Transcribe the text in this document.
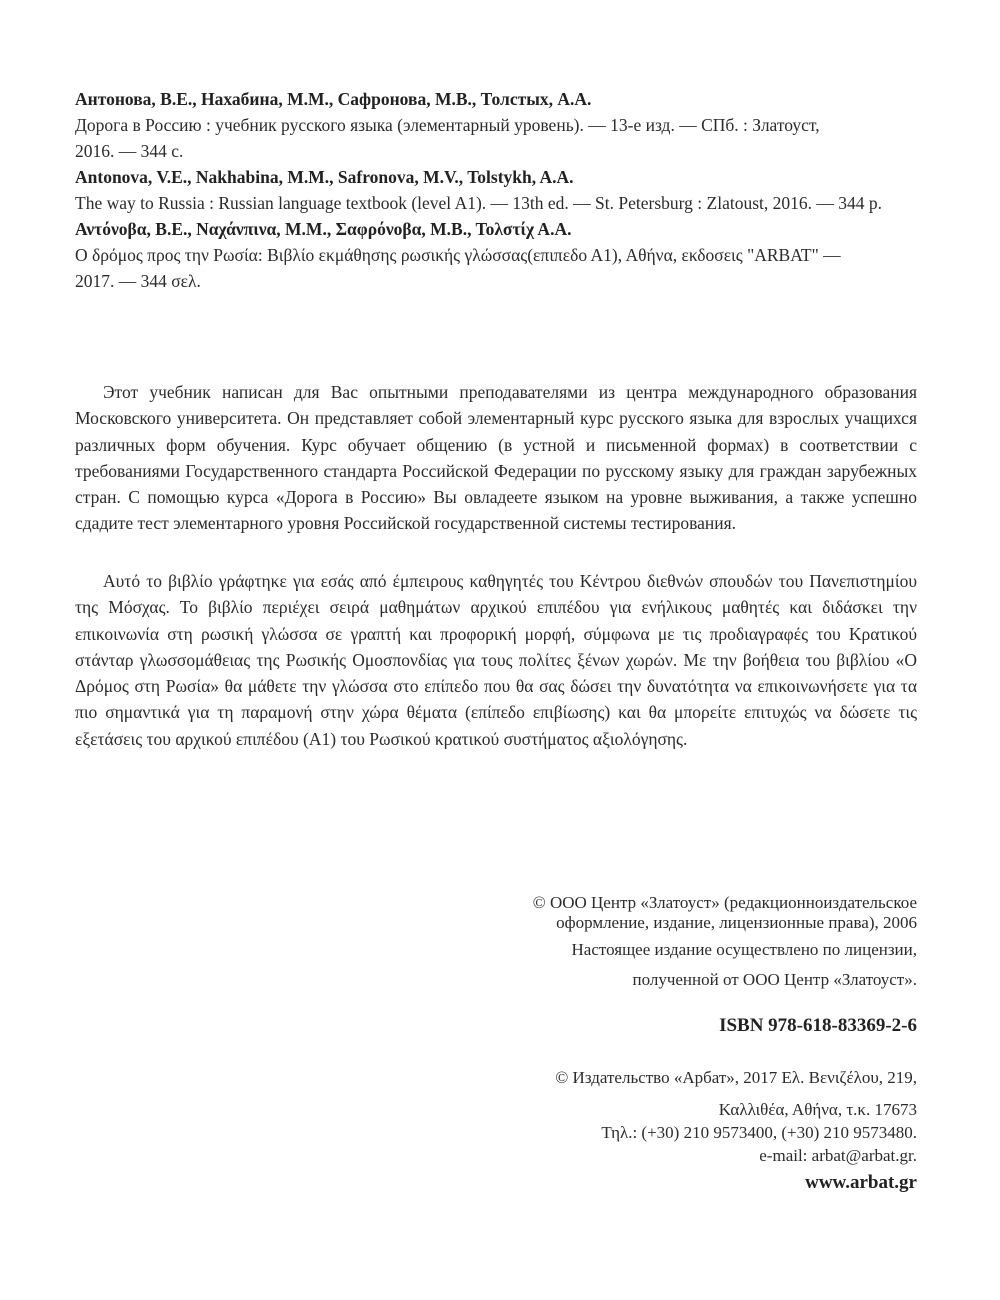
Антонова, В.Е., Нахабина, М.М., Сафронова, М.В., Толстых, А.А.

Дорога в Россию : учебник русского языка (элементарный уровень). — 13-е изд. — СПб. : Златоуст,

2016. — 344 с.

Antonova, V.E., Nakhabina, M.M., Safronova, M.V., Tolstykh, A.A.

The way to Russia : Russian language textbook (level A1). — 13th ed. — St. Petersburg : Zlatoust, 2016. — 344 p.

Αντόνοβα, Β.Ε., Ναχάνπινα, Μ.Μ., Σαφρόνοβα, Μ.Β., Τολστίχ Α.Α.

Ο δρόμος προς την Ρωσία: Βιβλίο εκμάθησης ρωσικής γλώσσας(επιπεδο Α1), Αθήνα, εκδοσεις "ARBAT" —

2017. — 344 σελ.

Этот учебник написан для Вас опытными преподавателями из центра международного образования Московского университета. Он представляет собой элементарный курс русского языка для взрослых учащихся различных форм обучения. Курс обучает общению (в устной и письменной формах) в соответствии с требованиями Государственного стандарта Российской Федерации по русскому языку для граждан зарубежных стран. С помощью курса «Дорога в Россию» Вы овладеете языком на уровне выживания, а также успешно сдадите тест элементарного уровня Российской государственной системы тестирования.

Αυτό το βιβλίο γράφτηκε για εσάς από έμπειρους καθηγητές του Κέντρου διεθνών σπουδών του Πανεπιστημίου της Μόσχας. Το βιβλίο περιέχει σειρά μαθημάτων αρχικού επιπέδου για ενήλικους μαθητές και διδάσκει την επικοινωνία στη ρωσική γλώσσα σε γραπτή και προφορική μορφή, σύμφωνα με τις προδιαγραφές του Κρατικού στάνταρ γλωσσομάθειας της Ρωσικής Ομοσπονδίας για τους πολίτες ξένων χωρών. Με την βοήθεια του βιβλίου «Ο Δρόμος στη Ρωσία» θα μάθετε την γλώσσα στο επίπεδο που θα σας δώσει την δυνατότητα να επικοινωνήσετε για τα πιο σημαντικά για τη παραμονή στην χώρα θέματα (επίπεδο επιβίωσης) και θα μπορείτε επιτυχώς να δώσετε τις εξετάσεις του αρχικού επιπέδου (Α1) του Ρωσικού κρατικού συστήματος αξιολόγησης.

© ООО Центр «Златоуст» (редакционноиздательское

оформление, издание, лицензионные права), 2006

Настоящее издание осуществлено по лицензии,

полученной от ООО Центр «Златоуст».

ISBN 978-618-83369-2-6

© Издательство «Арбат», 2017 Ελ. Βενιζέλου, 219,

Καλλιθέα, Αθήνα, τ.κ. 17673

Τηλ.: (+30) 210 9573400, (+30) 210 9573480.

e-mail: arbat@arbat.gr.

www.arbat.gr
